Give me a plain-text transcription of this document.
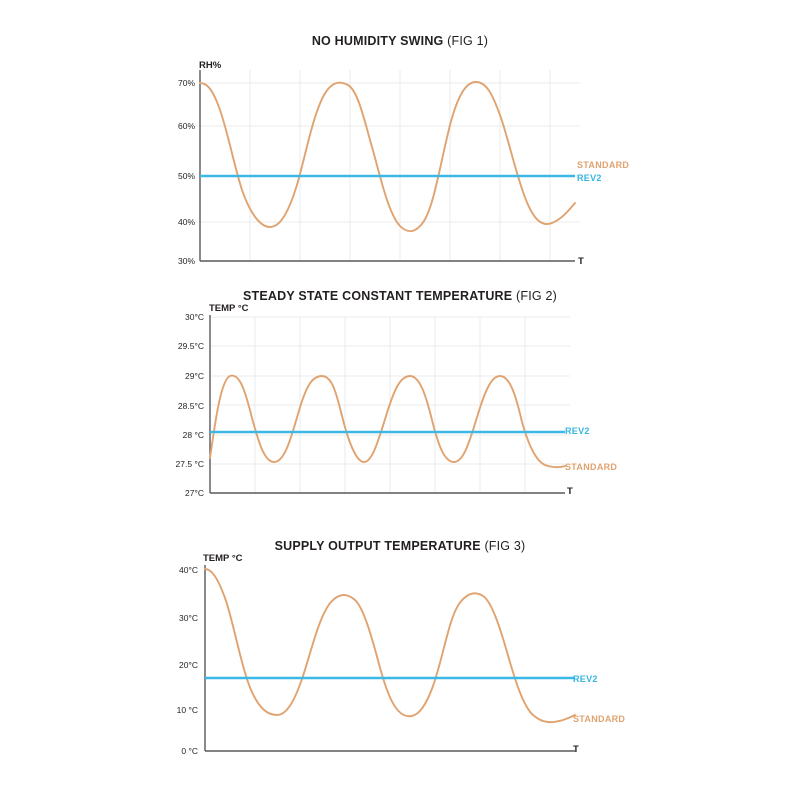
NO HUMIDITY SWING (FIG 1)
RH%
T
70%
60%
50%
40%
30%
STANDARD
REV2
STEADY STATE CONSTANT TEMPERATURE (FIG 2)
TEMP °C
T
30°C
29.5°C
29°C
28.5°C
28 °C
27.5 °C
27°C
REV2
STANDARD
SUPPLY OUTPUT TEMPERATURE (FIG 3)
TEMP °C
T
40°C
30°C
20°C
10 °C
0 °C
REV2
STANDARD
